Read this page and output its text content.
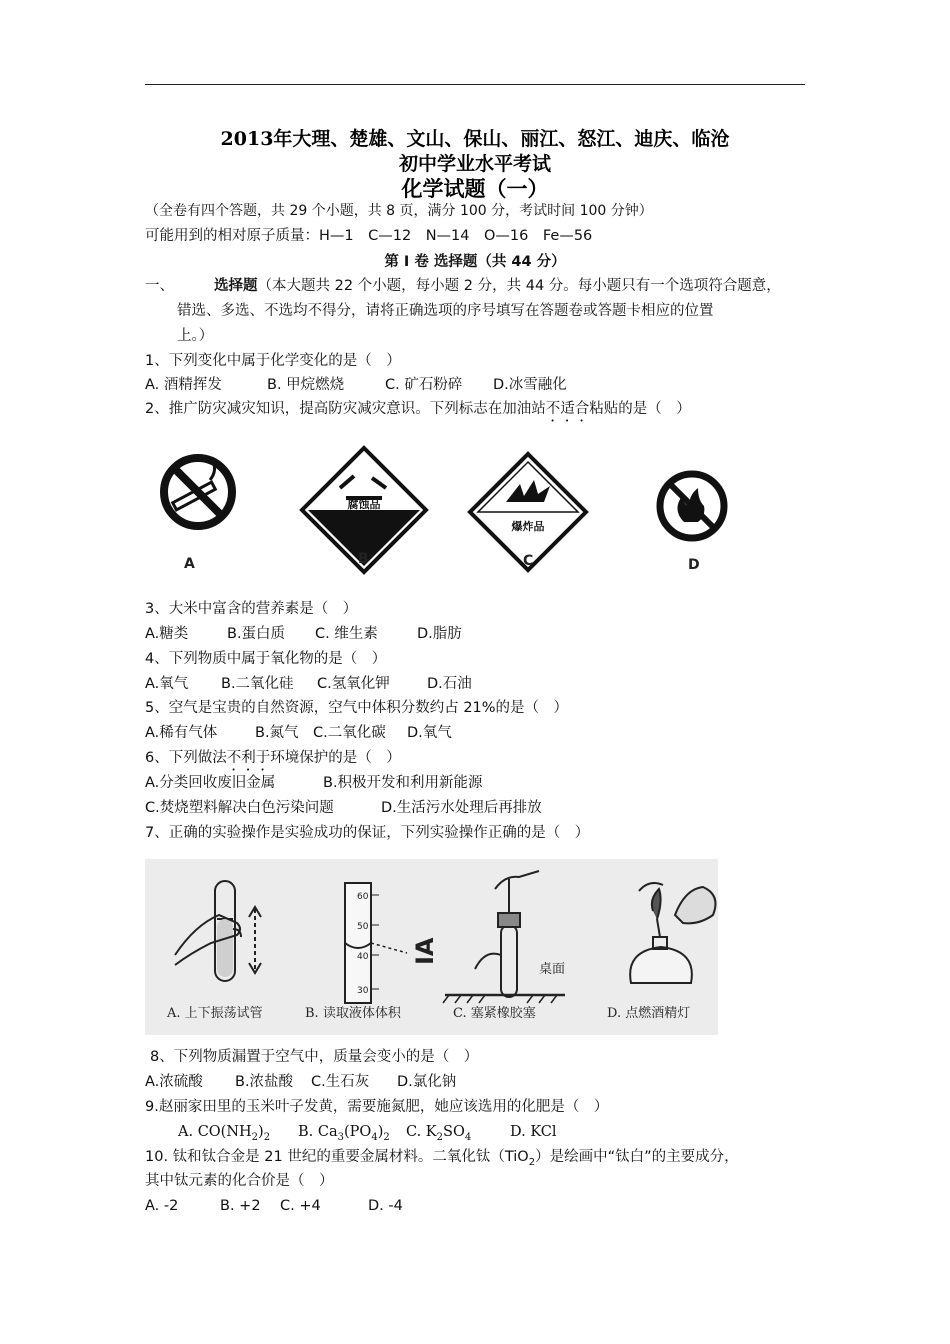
2013年大理、楚雄、文山、保山、丽江、怒江、迪庆、临沧
初中学业水平考试
化学试题（一）
（全卷有四个答题，共 29 个小题，共 8 页，满分 100 分，考试时间 100 分钟）
可能用到的相对原子质量：H—1　C—12　N—14　O—16　Fe—56
第 I 卷 选择题（共 44 分）
一、	选择题（本大题共 22 个小题，每小题 2 分，共 44 分。每小题只有一个选项符合题意，
错选、多选、不选均不得分，请将正确选项的序号填写在答题卷或答题卡相应的位置
上。）
1、下列变化中属于化学变化的是（　）
A. 酒精挥发	B. 甲烷燃烧	C. 矿石粉碎 D.冰雪融化
2、推广防灾减灾知识，提高防灾减灾意识。下列标志在加油站不适合粘贴的是（　）
A
腐蚀品
B
爆炸品
C	D
3、大米中富含的营养素是（　）
A.糖类	B.蛋白质 C. 维生素	D.脂肪
4、下列物质中属于氧化物的是（　）
A.氧气 B.二氧化硅 C.氢氧化钾	D.石油
5、空气是宝贵的自然资源，空气中体积分数约占 21%的是（　）
A.稀有气体	B.氮气 C.二氧化碳 D.氧气
6、下列做法不利于环境保护的是（　）
A.分类回收废旧金属	B.积极开发和利用新能源
C.焚烧塑料解决白色污染问题	D.生活污水处理后再排放
7、正确的实验操作是实验成功的保证，下列实验操作正确的是（　）
A. 上下振荡试管
IA
60
50
40
30
B. 读取液体体积
桌面
C. 塞紧橡胶塞	D. 点燃酒精灯
8、下列物质漏置于空气中，质量会变小的是（　）
A.浓硫酸 B.浓盐酸 C.生石灰 D.氯化钠
9.赵丽家田里的玉米叶子发黄，需要施氮肥，她应该选用的化肥是（　）
A. $CO(NH_2)_2$ B. $Ca_3(PO_4)_2$ C. $K_2SO_4$	D. KCl
10. 钛和钛合金是 21 世纪的重要金属材料。二氧化钛（TiO$_2$）是绘画中“钛白”的主要成分，
其中钛元素的化合价是（　）
A. -2	B. +2 C. +4	D. -4
